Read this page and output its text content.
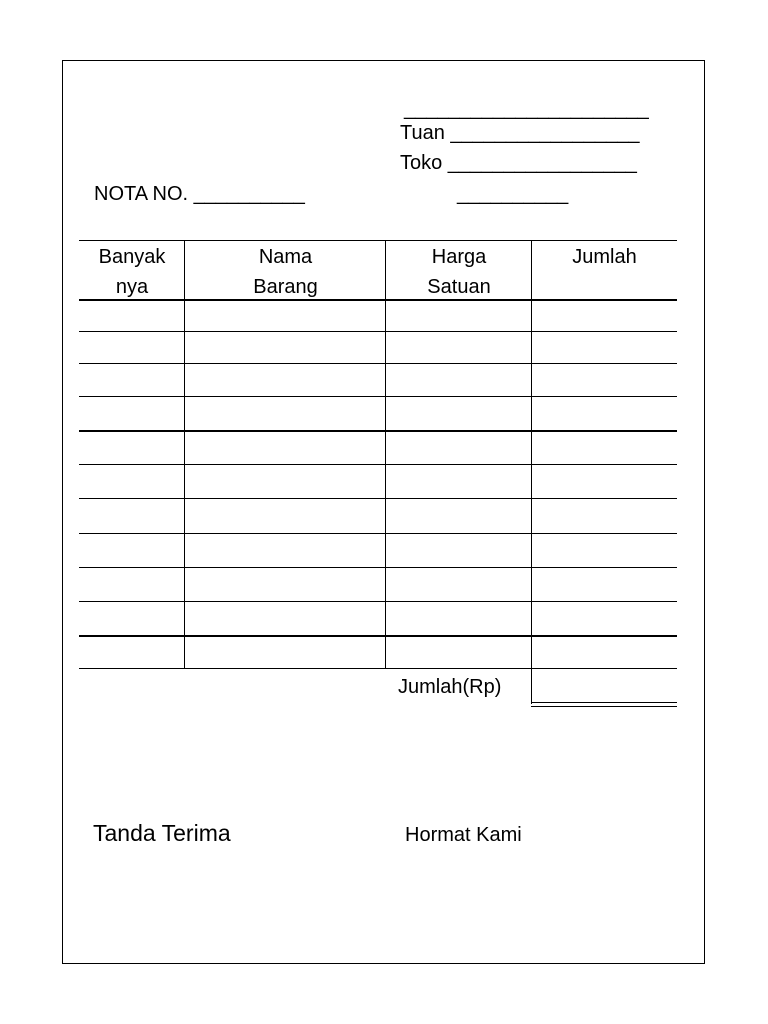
______________________
Tuan _________________
Toko _________________
__________
NOTA NO. __________
Banyak
nya
Nama
Barang
Harga
Satuan
Jumlah
Jumlah(Rp)
Tanda Terima	Hormat Kami
